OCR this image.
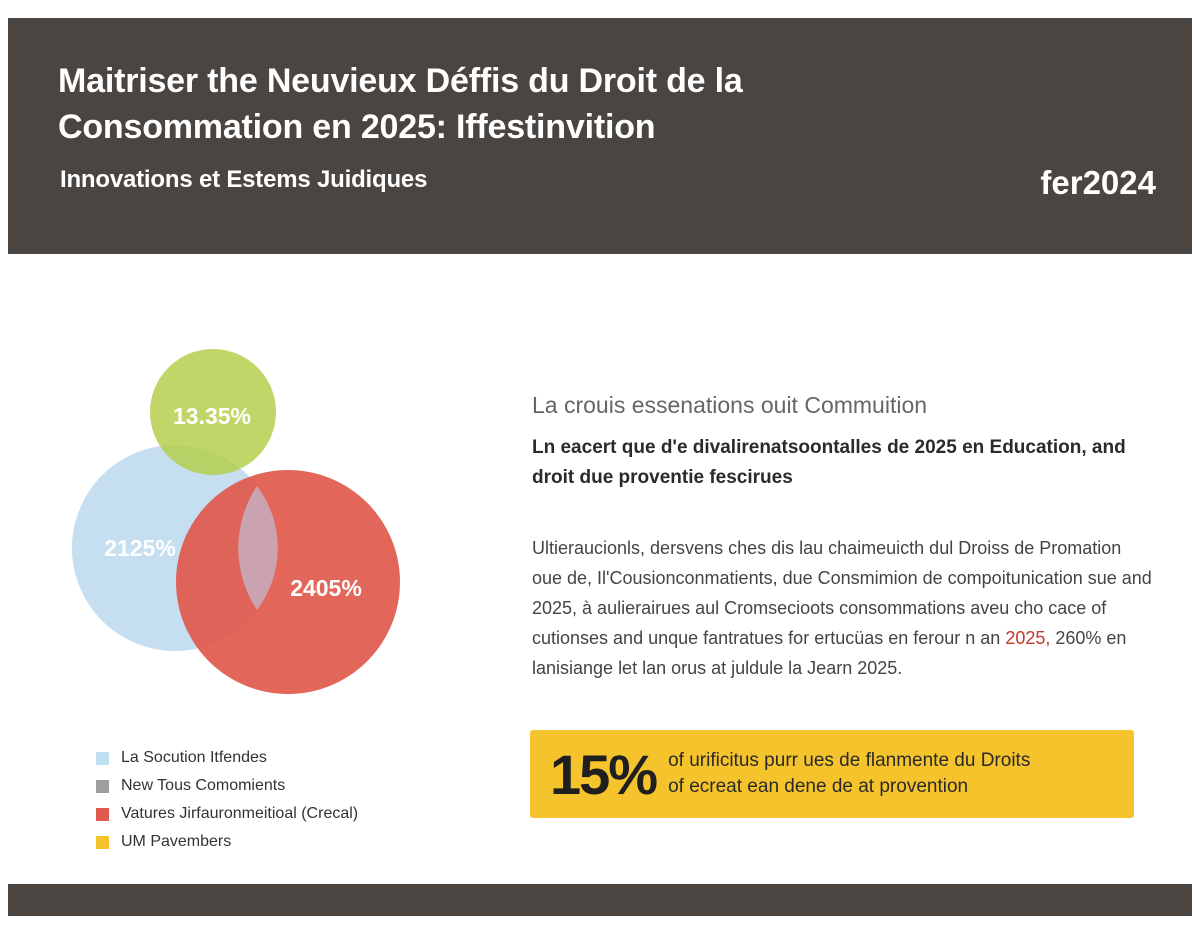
Maitriser the Neuvieux Déffis du Droit de la
Consommation en 2025: Iffestinvition
Innovations et Estems Juidiques	fer2024
13.35%
2125%
2405%
La Socution Itfendes
New Tous Comomients
Vatures Jirfauronmeitioal (Crecal)
UM Pavembers
La crouis essenations ouit Commuition
Ln eacert que d'e divalirenatsoontalles de 2025 en Education, and droit due proventie fescirues
Ultieraucionls, dersvens ches dis lau chaimeuicth dul Droiss de Promation oue de, Il'Cousionconmatients, due Consmimion de compoitunication sue and 2025, à aulierairues aul Cromsecioots consommations aveu cho cace of cutionses and unque fantratues for ertucüas en ferour n an 2025, 260% en lanisiange let lan orus at juldule la Jearn 2025.
15% of urificitus purr ues de flanmente du Droits
of ecreat ean dene de at provention
